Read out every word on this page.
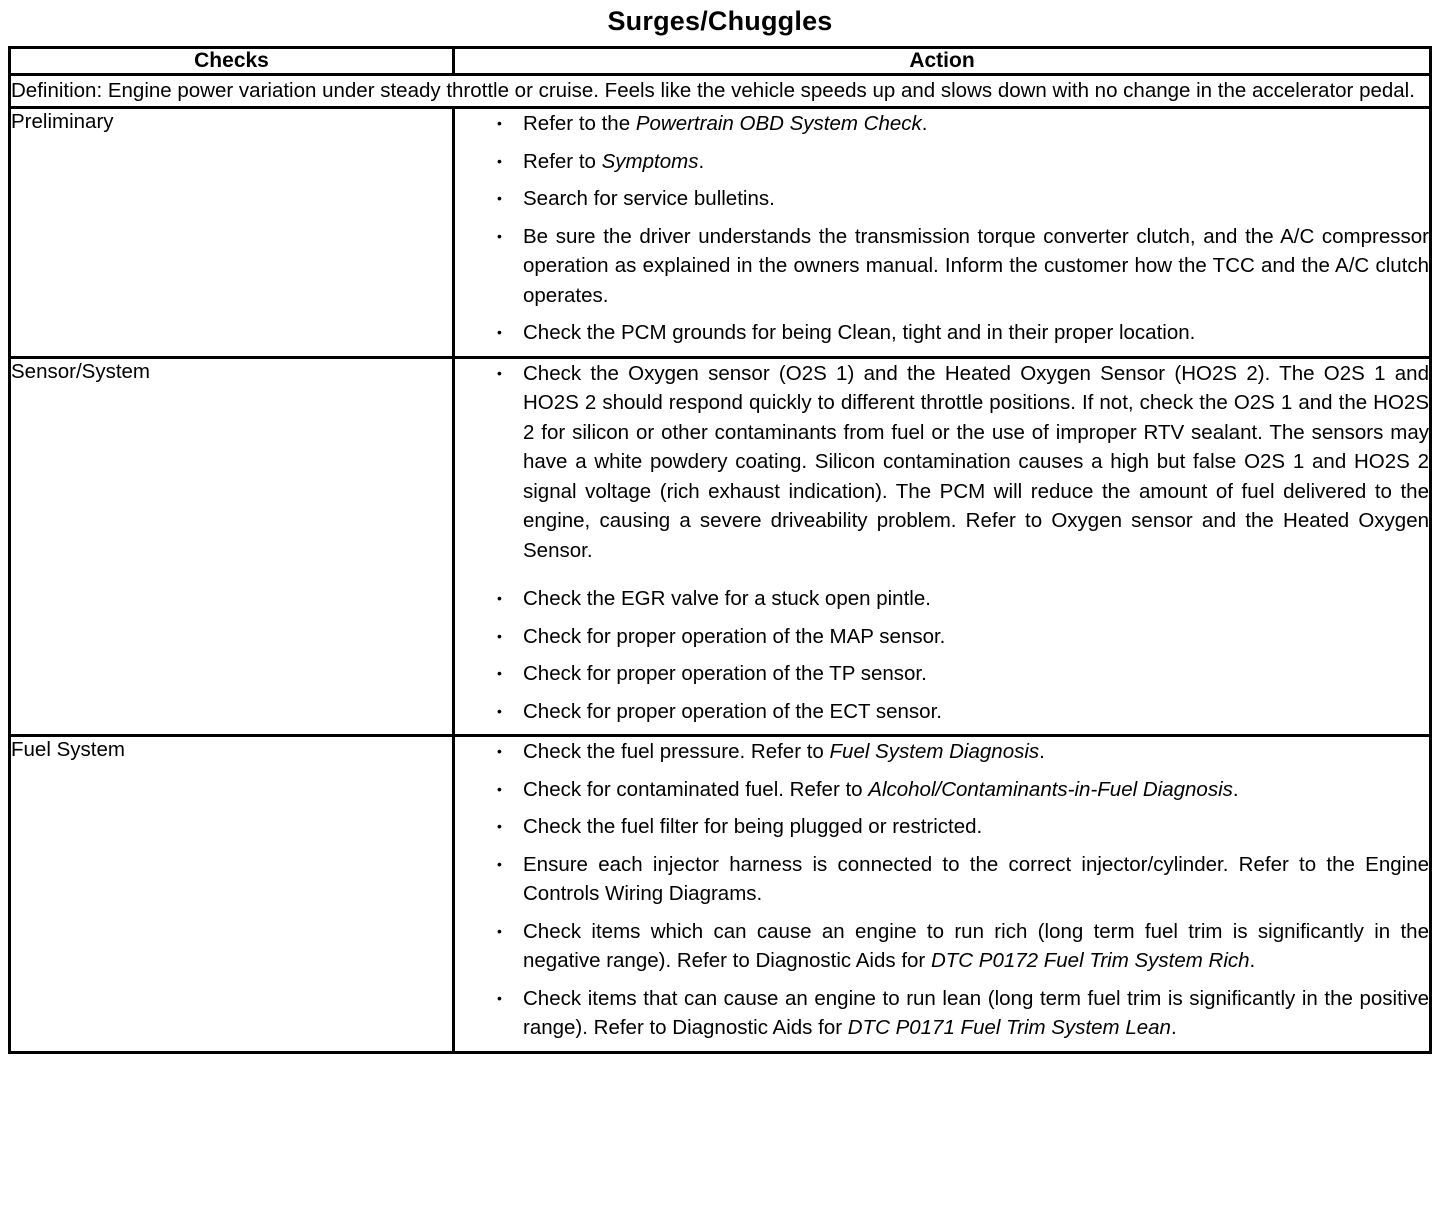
Surges/Chuggles
Checks	Action
Definition: Engine power variation under steady throttle or cruise. Feels like the vehicle speeds up and slows down with no change in the accelerator pedal.	
Preliminary	•	Refer to the Powertrain OBD System Check.
•	Refer to Symptoms.
•	Search for service bulletins.
•	Be sure the driver understands the transmission torque converter clutch, and the A/C compressor operation as explained in the owners manual. Inform the customer how the TCC and the A/C clutch operates.
•	Check the PCM grounds for being Clean, tight and in their proper location.

Sensor/System	•	Check the Oxygen sensor (O2S 1) and the Heated Oxygen Sensor (HO2S 2). The O2S 1 and HO2S 2 should respond quickly to different throttle positions. If not, check the O2S 1 and the HO2S 2 for silicon or other contaminants from fuel or the use of improper RTV sealant. The sensors may have a white powdery coating. Silicon contamination causes a high but false O2S 1 and HO2S 2 signal voltage (rich exhaust indication). The PCM will reduce the amount of fuel delivered to the engine, causing a severe driveability problem. Refer to Oxygen sensor and the Heated Oxygen Sensor.
•	Check the EGR valve for a stuck open pintle.
•	Check for proper operation of the MAP sensor.
•	Check for proper operation of the TP sensor.
•	Check for proper operation of the ECT sensor.

Fuel System	•	Check the fuel pressure. Refer to Fuel System Diagnosis.
•	Check for contaminated fuel. Refer to Alcohol/Contaminants-in-Fuel Diagnosis.
•	Check the fuel filter for being plugged or restricted.
•	Ensure each injector harness is connected to the correct injector/cylinder. Refer to the Engine Controls Wiring Diagrams.
•	Check items which can cause an engine to run rich (long term fuel trim is significantly in the negative range). Refer to Diagnostic Aids for DTC P0172 Fuel Trim System Rich.
•	Check items that can cause an engine to run lean (long term fuel trim is significantly in the positive range). Refer to Diagnostic Aids for DTC P0171 Fuel Trim System Lean.
